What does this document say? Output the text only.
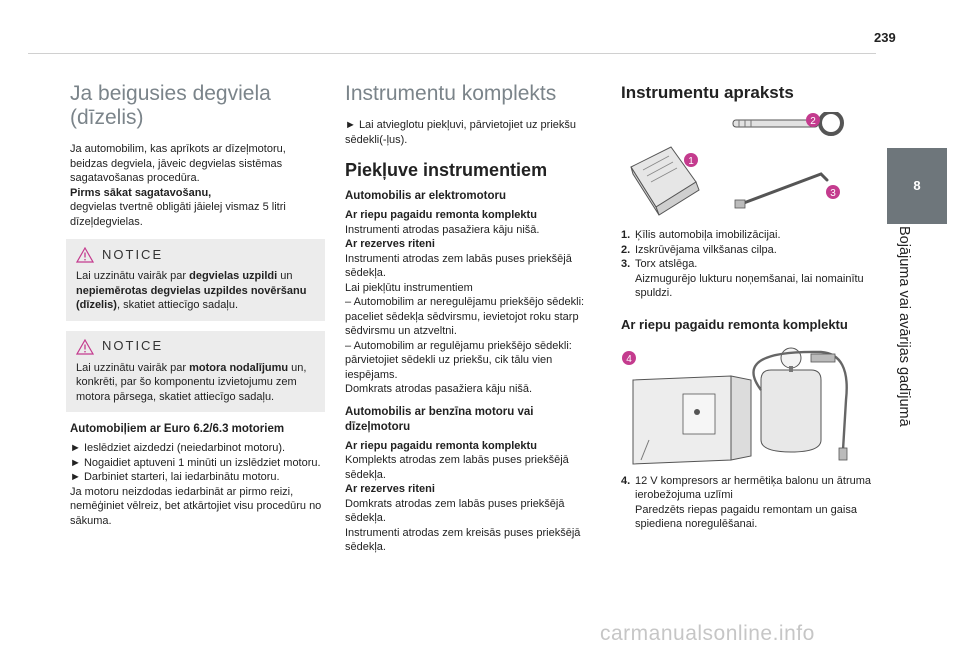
239
8
Bojājuma vai avārijas gadījumā
Ja beigusies degviela (dīzelis)

Ja automobilim, kas aprīkots ar dīzeļmotoru, beidzas degviela, jāveic degvielas sistēmas sagatavošanas procedūra.

Pirms sākat sagatavošanu,

degvielas tvertnē obligāti jāielej vismaz 5 litri dīzeļdegvielas.

NOTICE

Lai uzzinātu vairāk par degvielas uzpildi un nepiemērotas degvielas uzpildes novēršanu (dīzelis), skatiet attiecīgo sadaļu.

NOTICE

Lai uzzinātu vairāk par motora nodalījumu un, konkrēti, par šo komponentu izvietojumu zem motora pārsega, skatiet attiecīgo sadaļu.

Automobiļiem ar Euro 6.2/6.3 motoriem

► Ieslēdziet aizdedzi (neiedarbinot motoru).

► Nogaidiet aptuveni 1 minūti un izslēdziet motoru.

► Darbiniet starteri, lai iedarbinātu motoru.

Ja motoru neizdodas iedarbināt ar pirmo reizi, nemēģiniet vēlreiz, bet atkārtojiet visu procedūru no sākuma.

Instrumentu komplekts

► Lai atvieglotu piekļuvi, pārvietojiet uz priekšu sēdekli(-ļus).

Piekļuve instrumentiem
Automobilis ar elektromotoru

Ar riepu pagaidu remonta komplektu

Instrumenti atrodas pasažiera kāju nišā.

Ar rezerves riteni

Instrumenti atrodas zem labās puses priekšējā sēdekļa.

Lai piekļūtu instrumentiem

– Automobilim ar neregulējamu priekšējo sēdekli: paceliet sēdekļa sēdvirsmu, ievietojot roku starp sēdvirsmu un atzveltni.

– Automobilim ar regulējamu priekšējo sēdekli: pārvietojiet sēdekli uz priekšu, cik tālu vien iespējams.

Domkrats atrodas pasažiera kāju nišā.

Automobilis ar benzīna motoru vai dīzeļmotoru

Ar riepu pagaidu remonta komplektu

Komplekts atrodas zem labās puses priekšējā sēdekļa.

Ar rezerves riteni

Domkrats atrodas zem labās puses priekšējā sēdekļa.

Instrumenti atrodas zem kreisās puses priekšējā sēdekļa.

Instrumentu apraksts
1
2
3
1. Ķīlis automobiļa imobilizācijai.
2. Izskrūvējama vilkšanas cilpa.
3. Torx atslēga.
Aizmugurējo lukturu noņemšanai, lai nomainītu spuldzi.
Ar riepu pagaidu remonta komplektu
4
4. 12 V kompresors ar hermētiķa balonu un ātruma ierobežojuma uzlīmi
Paredzēts riepas pagaidu remontam un gaisa spiediena noregulēšanai.
carmanualsonline.info
